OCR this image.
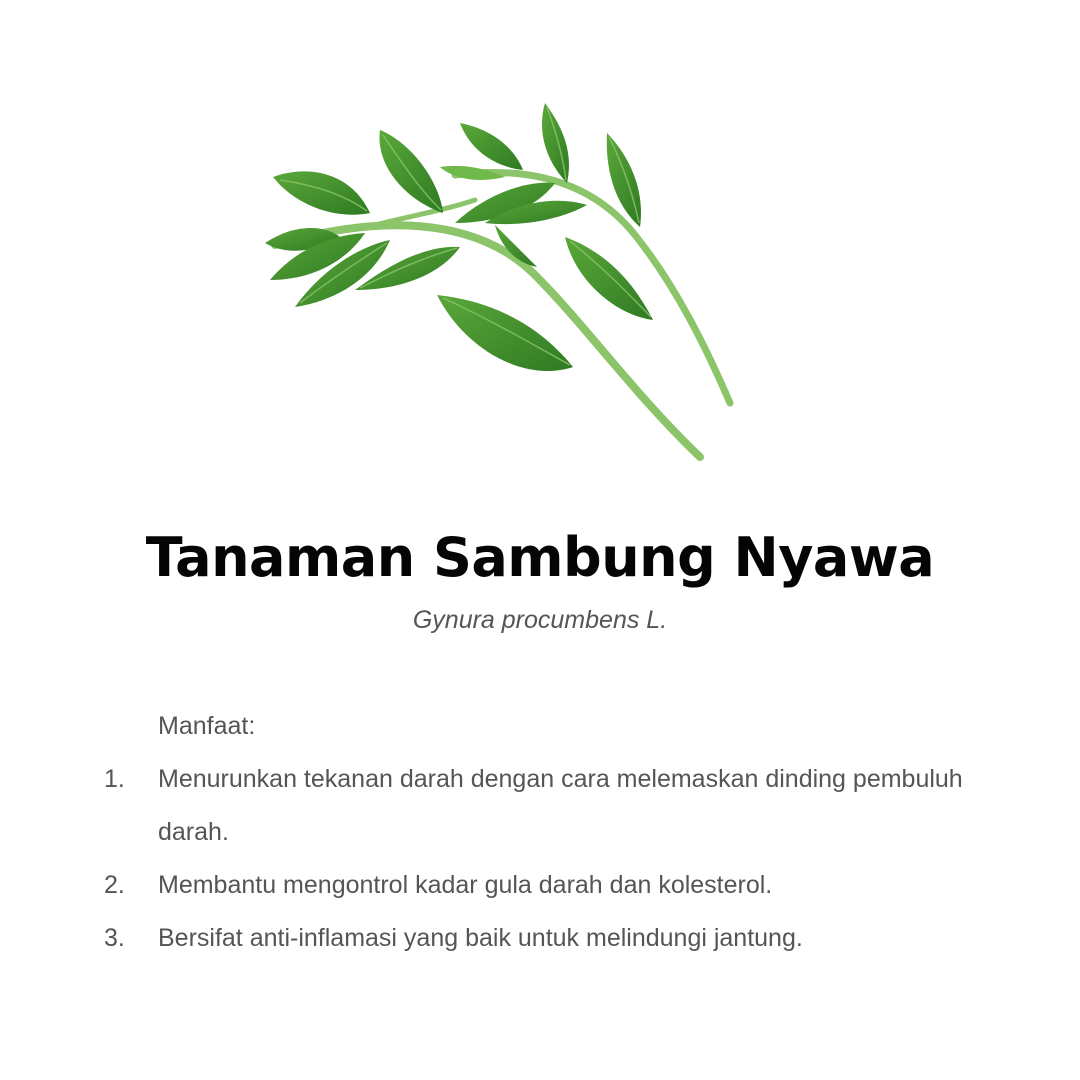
Tanaman Sambung Nyawa
Gynura procumbens L.
Manfaat:
1.	Menurunkan tekanan darah dengan cara melemaskan dinding pembuluh darah.
2.	Membantu mengontrol kadar gula darah dan kolesterol.
3.	Bersifat anti-inflamasi yang baik untuk melindungi jantung.
